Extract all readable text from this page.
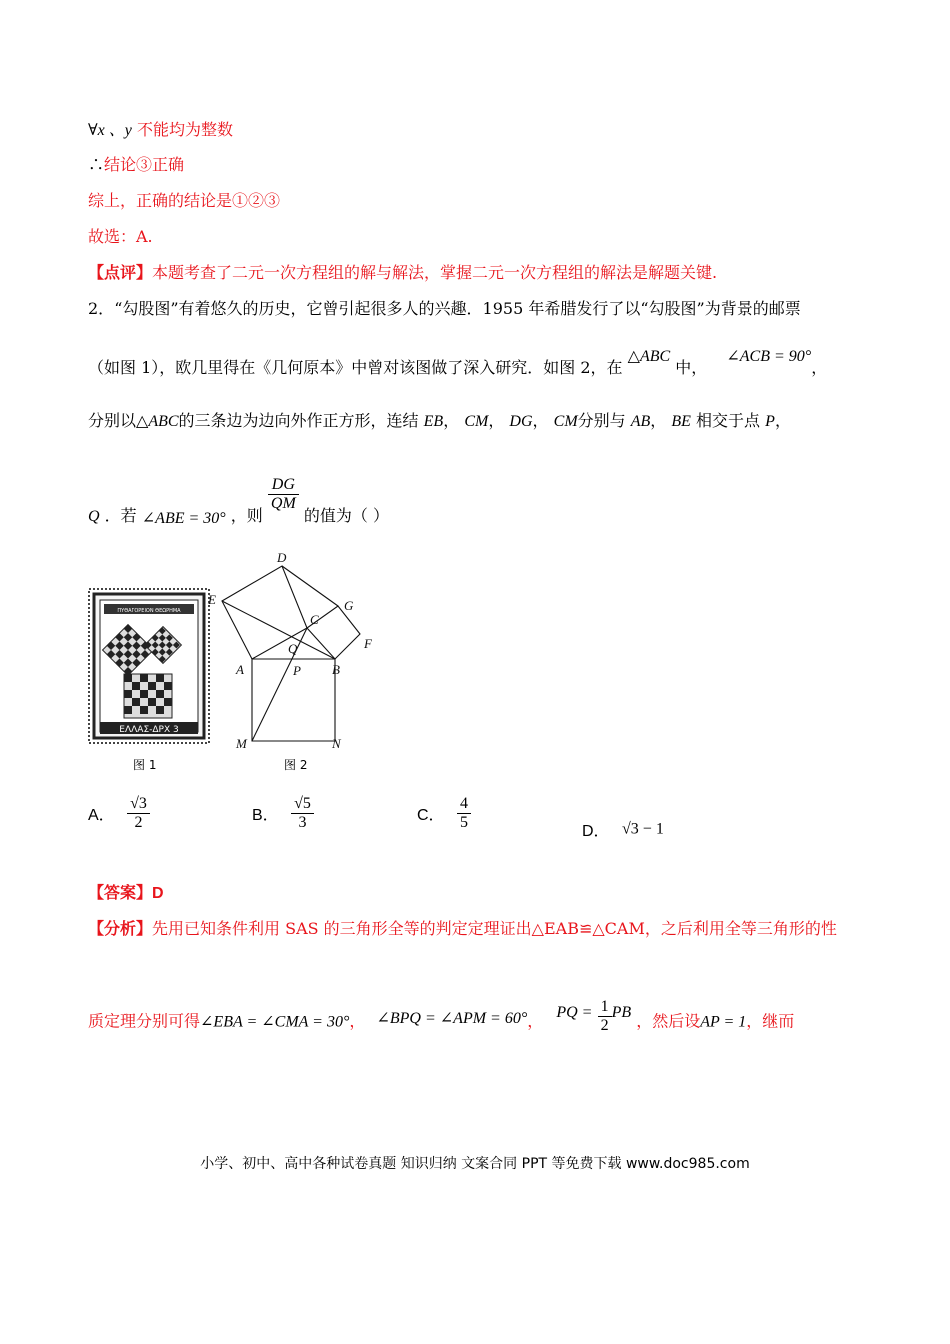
∀x 、y 不能均为整数
∴结论③正确
综上，正确的结论是①②③
故选：A.
【点评】本题考查了二元一次方程组的解与解法，掌握二元一次方程组的解法是解题关键.
2．“勾股图”有着悠久的历史，它曾引起很多人的兴趣．1955 年希腊发行了以“勾股图”为背景的邮票
（如图 1），欧几里得在《几何原本》中曾对该图做了深入研究．如图 2，在 △ABC 中， ∠ACB = 90°，
分别以△ABC的三条边为边向外作正方形，连结 EB， CM， DG， CM分别与 AB， BE 相交于点 P，
Q ．若 ∠ABE = 30° ，则
$\frac{DG}{QM}$
的值为（ ）
ΕΛΛΑΣ-ΔΡΧ 3
ΠΥΘΑΓΟΡΕΙΟΝ ΘΕΩΡΗΜΑ
图 1
D
E
C
G
F
Q
A	P B
M	N
图 2
A． $\frac{√3}{2}$	B． $\frac{√5}{3}$	C． $\frac{4}{5}$
D． √3 − 1
【答案】D
【分析】先用已知条件利用 SAS 的三角形全等的判定定理证出△EAB≌△CAM，之后利用全等三角形的性
质定理分别可得∠EBA = ∠CMA = 30°， ∠BPQ = ∠APM = 60°， PQ = $\frac{1}{2}$ PB ，然后设AP = 1，继而
小学、初中、高中各种试卷真题 知识归纳 文案合同 PPT 等免费下载 www.doc985.com
